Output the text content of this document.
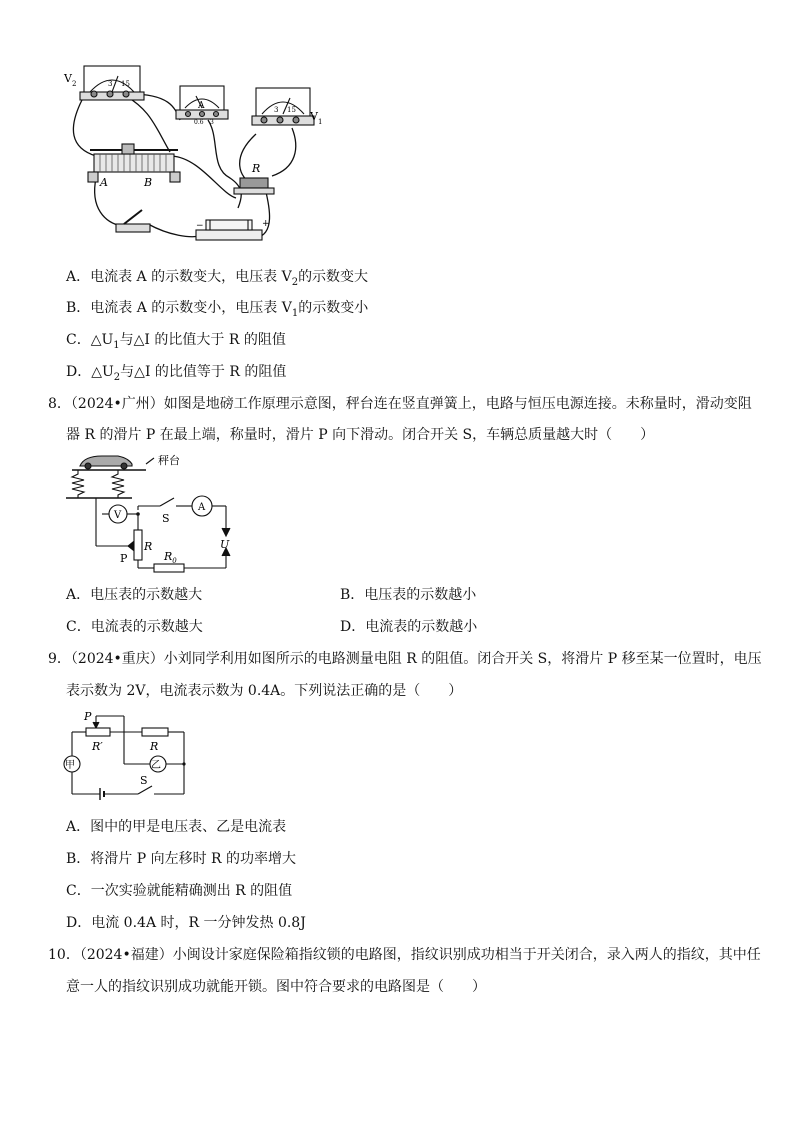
$V_2$	3 15
A
0.6 3	$V_1$
3 15
A	B
R
−	+
A．电流表 A 的示数变大，电压表 $V_2$的示数变大
B．电流表 A 的示数变小，电压表 $V_1$的示数变小
C．$\triangle U_1$与△I 的比值大于 R 的阻值
D．$\triangle U_2$与△I 的比值等于 R 的阻值
8．（2024•广州）如图是地磅工作原理示意图，秤台连在竖直弹簧上，电路与恒压电源连接。未称量时，滑动变阻
器 R 的滑片 P 在最上端，称量时，滑片 P 向下滑动。闭合开关 S，车辆总质量越大时（　　）
秤台
V
A
S
R
P	$R_0$
U
A．电压表的示数越大	B．电压表的示数越小
C．电流表的示数越大	D．电流表的示数越小
9．（2024•重庆）小刘同学利用如图所示的电路测量电阻 R 的阻值。闭合开关 S，将滑片 P 移至某一位置时，电压
表示数为 2V，电流表示数为 0.4A。下列说法正确的是（　　）
P
R′	R
甲	乙
S
A．图中的甲是电压表、乙是电流表
B．将滑片 P 向左移时 R 的功率增大
C．一次实验就能精确测出 R 的阻值
D．电流 0.4A 时，R 一分钟发热 0.8J
10．（2024•福建）小闽设计家庭保险箱指纹锁的电路图，指纹识别成功相当于开关闭合，录入两人的指纹，其中任
意一人的指纹识别成功就能开锁。图中符合要求的电路图是（　　）
